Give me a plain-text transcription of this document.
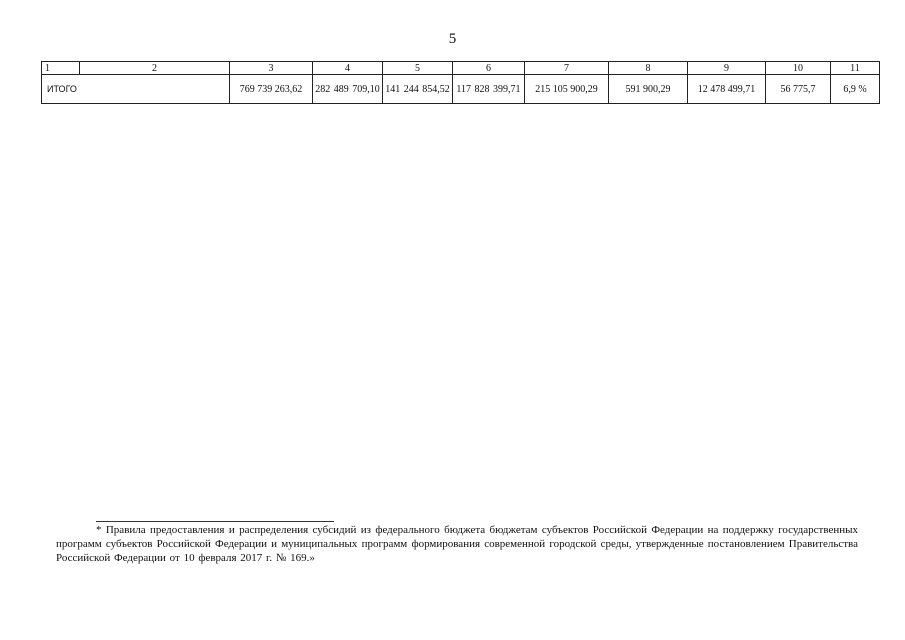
5
1	2	3	4	5	6	7	8	9	10	11
ИТОГО		769 739 263,62	282 489 709,10	141 244 854,52	117 828 399,71	215 105 900,29	591 900,29	12 478 499,71	56 775,7	6,9 %
* Правила предоставления и распределения субсидий из федерального бюджета бюджетам субъектов Российской Федерации на поддержку государственных программ субъектов Российской Федерации и муниципальных программ формирования современной городской среды, утвержденные постановлением Правительства Российской Федерации от 10 февраля 2017 г. № 169.»
